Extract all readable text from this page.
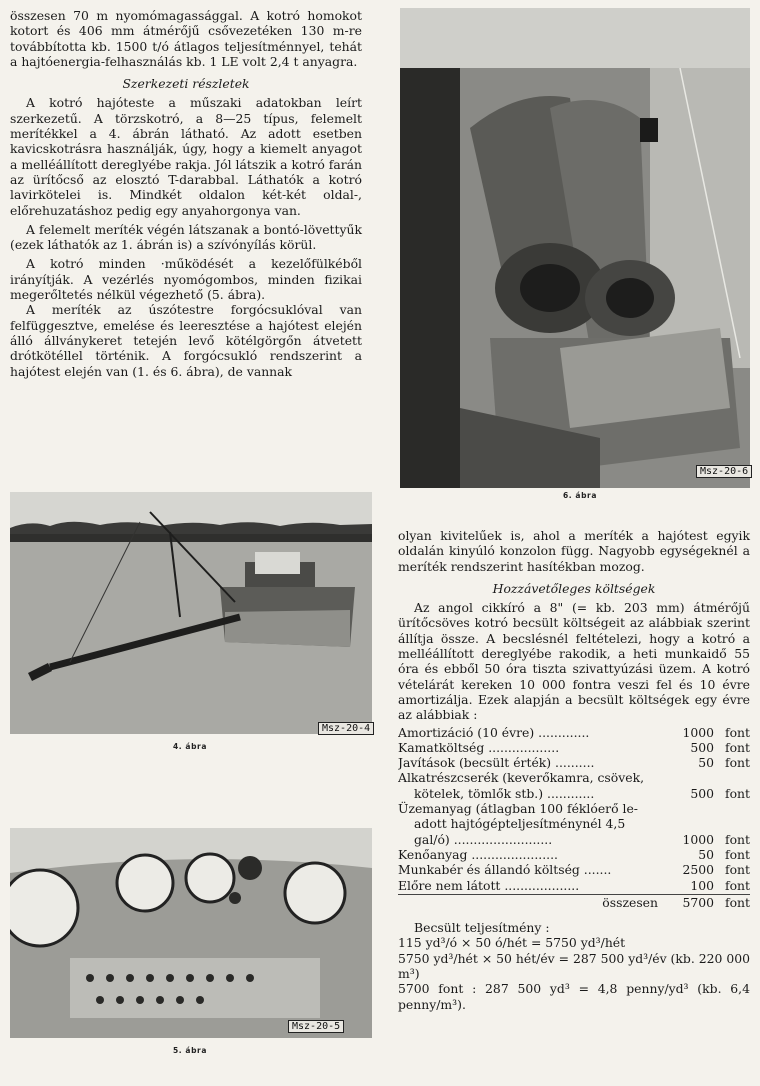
összesen 70 m nyomómagassággal. A kotró homokot kotort és 406 mm átmérőjű csővezetéken 130 m-re továbbította kb. 1500 t/ó átlagos teljesítménnyel, tehát a hajtóenergia-felhasználás kb. 1 LE volt 2,4 t anyagra.

Szerkezeti részletek

A kotró hajóteste a műszaki adatokban leírt szerkezetű. A törzskotró, a 8—25 típus, felemelt merítékkel a 4. ábrán látható. Az adott esetben kavicskotrásra használják, úgy, hogy a kiemelt anyagot a melléállított dereglyébe rakja. Jól látszik a kotró farán az ürítőcső az elosztó T-darabbal. Láthatók a kotró lavirkötelei is. Mindkét oldalon két-két oldal-, előrehuzatáshoz pedig egy anyahorgonya van.

A felemelt meríték végén látszanak a bontó-lövettyűk (ezek láthatók az 1. ábrán is) a szívónyílás körül.

A kotró minden ·működését a kezelőfülkéből irányítják. A vezérlés nyomógombos, minden fizikai megerőltetés nélkül végezhető (5. ábra).

A meríték az úszótestre forgócsuklóval van felfüggesztve, emelése és leeresztése a hajótest elején álló állványkeret tetején levő kötélgörgőn átvetett drótkötéllel történik. A forgócsukló rendszerint a hajótest elején van (1. és 6. ábra), de vannak

Msz-20-6
6. ábra
Msz-20-4
4. ábra
Msz-20-5
5. ábra

olyan kivitelűek is, ahol a meríték a hajótest egyik oldalán kinyúló konzolon függ. Nagyobb egységeknél a meríték rendszerint hasítékban mozog.

Hozzávetőleges költségek

Az angol cikkíró a 8" (= kb. 203 mm) átmérőjű ürítőcsöves kotró becsült költségeit az alábbiak szerint állítja össze. A becslésnél feltételezi, hogy a kotró a melléállított dereglyébe rakodik, a heti munkaidő 55 óra és ebből 50 óra tiszta szivattyúzási üzem. A kotró vételárát kereken 10 000 fontra veszi fel és 10 évre amortizálja. Ezek alapján a becsült költségek egy évre az alábbiak :

Amortizáció (10 évre) .............	1000 font
Kamatköltség ..................	500 font
Javítások (becsült érték) ..........	50 font
Alkatrészcserék (keverőkamra, csövek,
kötelek, tömlők stb.) ............	500 font
Üzemanyag (átlagban 100 féklóerő le-
adott hajtógépteljesítménynél 4,5
gal/ó) .........................	1000 font
Kenőanyag ......................	50 font
Munkabér és állandó költség .......	2500 font
Előre nem látott ...................	100 font
összesen	5700 font

Becsült teljesítmény :

115 yd³/ó × 50 ó/hét = 5750 yd³/hét

5750 yd³/hét × 50 hét/év = 287 500 yd³/év (kb. 220 000 m³)

5700 font : 287 500 yd³ = 4,8 penny/yd³ (kb. 6,4 penny/m³).
